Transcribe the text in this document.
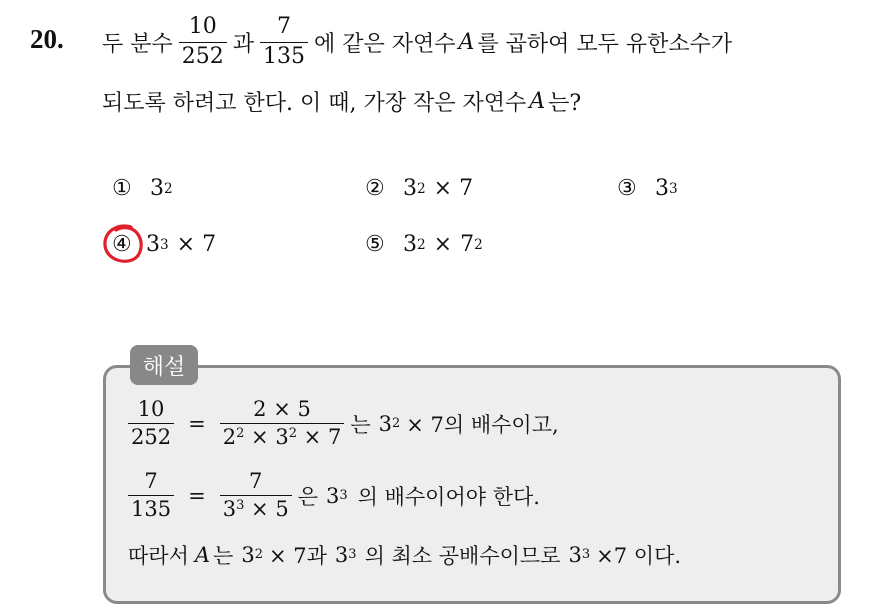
20. 두 분수 $\frac{10}{252}$ 과 $\frac{7}{135}$ 에 같은 자연수 A 를 곱하여 모두 유한소수가
되도록 하려고 한다. 이 때, 가장 작은 자연수 A 는?
① 3 2	② 3 2 × 7	③ 3 3
④ 3 3 × 7	⑤ 3 2 × 7 2
해설
$\frac{10}{252} = \frac{2 \times 5}{2^2 \times 3^2 \times 7}$ 는 3 2 × 7의 배수이고,
$\frac{7}{135} = \frac{7}{3^3 \times 5}$ 은 3 3 의 배수이어야 한다.
따라서 A 는 3 2 × 7과 3 3 의 최소 공배수이므로 3 3 ×7 이다.
